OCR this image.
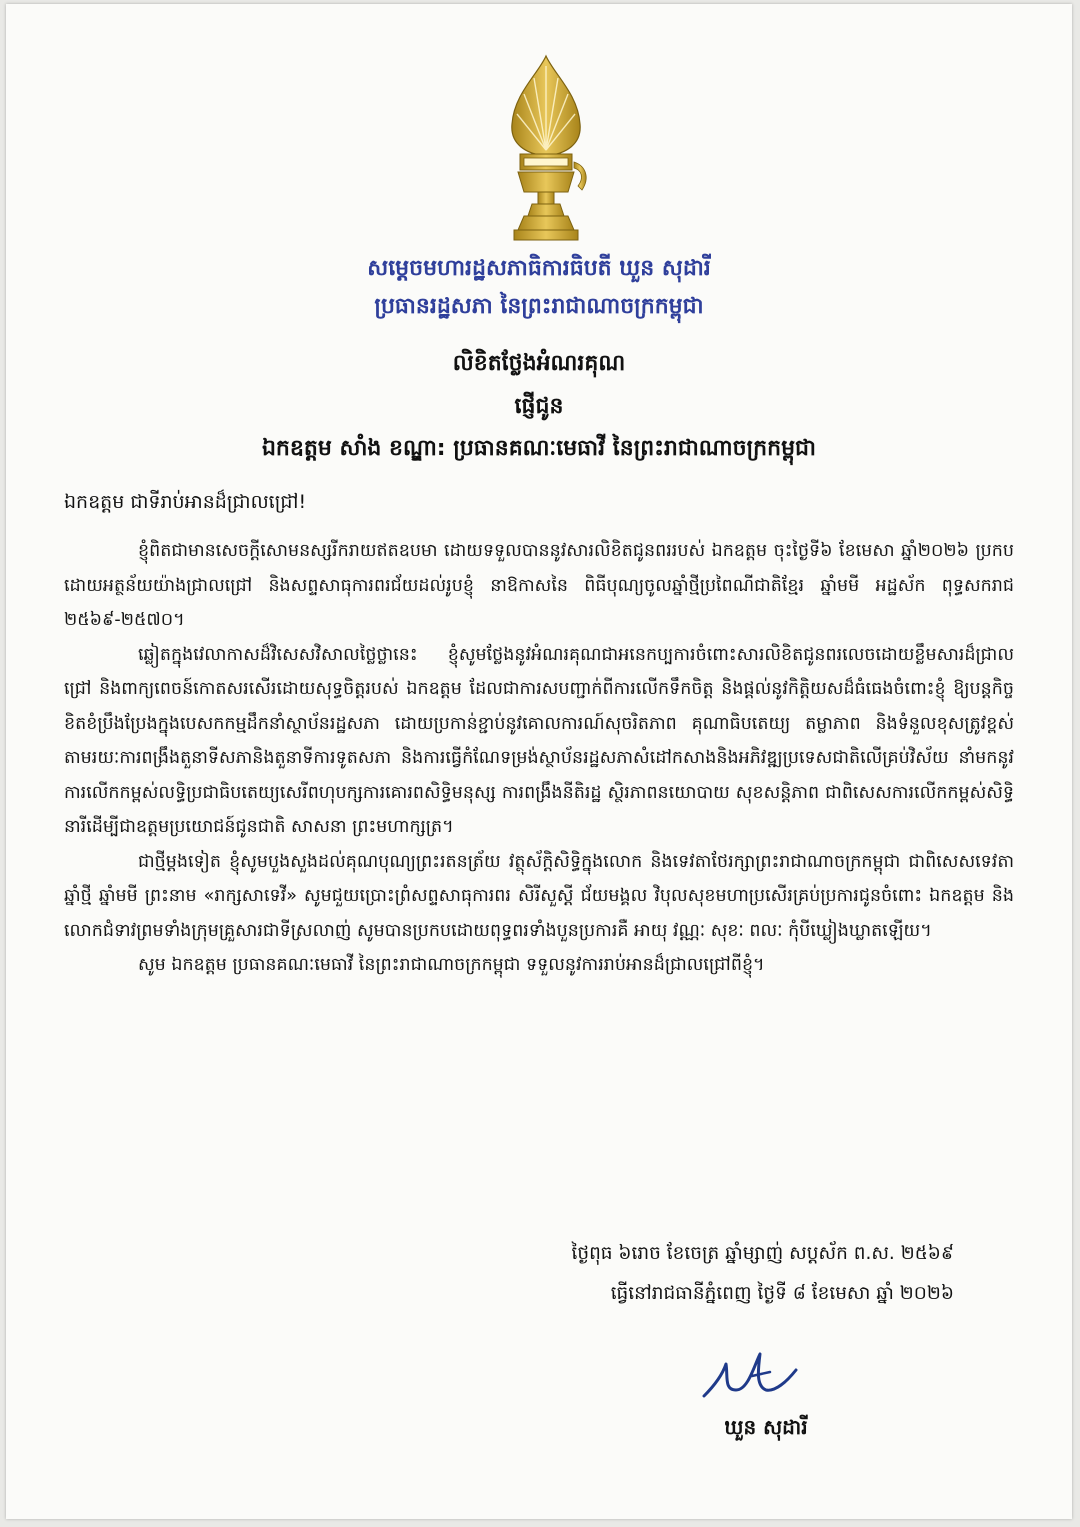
សម្ដេចមហារដ្ឋសភាធិការធិបតី ឃួន សុដារី
ប្រធានរដ្ឋសភា នៃព្រះរាជាណាចក្រកម្ពុជា
លិខិតថ្លែងអំណរគុណ
ផ្ញើជូន
ឯកឧត្តម សាំង ខណ្ឌា: ប្រធានគណៈមេធាវី នៃព្រះរាជាណាចក្រកម្ពុជា
ឯកឧត្តម ជាទីរាប់អានដ៏ជ្រាលជ្រៅ!

ខ្ញុំពិតជាមានសេចក្ដីសោមនស្សរីករាយឥតឧបមា ដោយទទួលបាននូវសារលិខិតជូនពររបស់ ឯកឧត្តម ចុះថ្ងៃទី៦ ខែមេសា ឆ្នាំ២០២៦ ប្រកបដោយអត្ថន័យយ៉ាងជ្រាលជ្រៅ និងសព្ទសាធុការពរជ័យដល់រូបខ្ញុំ នាឱកាសនៃ ពិធីបុណ្យចូលឆ្នាំថ្មីប្រពៃណីជាតិខ្មែរ ឆ្នាំមមី អដ្ឋស័ក ពុទ្ធសករាជ ២៥៦៩-២៥៧០។

ឆ្លៀតក្នុងវេលាកាសដ៏វិសេសវិសាលថ្លៃថ្លានេះ ខ្ញុំសូមថ្លែងនូវអំណរគុណជាអនេកប្បការចំពោះសារលិខិតជូនពរលេចដោយខ្លឹមសារដ៏ជ្រាលជ្រៅ និងពាក្យពេចន៍កោតសរសើរដោយសុទ្ធចិត្តរបស់ ឯកឧត្តម ដែលជាការសបញ្ជាក់ពីការលើកទឹកចិត្ត និងផ្ដល់នូវកិត្តិយសដ៏ធំធេងចំពោះខ្ញុំ ឱ្យបន្តកិច្ចខិតខំប្រឹងប្រែងក្នុងបេសកកម្មដឹកនាំស្ថាប័នរដ្ឋសភា ដោយប្រកាន់ខ្ជាប់នូវគោលការណ៍សុចរិតភាព គុណាធិបតេយ្យ តម្លាភាព និងទំនួលខុសត្រូវខ្ពស់ តាមរយៈការពង្រឹងតួនាទីសភានិងតួនាទីការទូតសភា និងការធ្វើកំណែទម្រង់ស្ថាប័នរដ្ឋសភាសំដៅកសាងនិងអភិវឌ្ឍប្រទេសជាតិលើគ្រប់វិស័យ នាំមកនូវការលើកកម្ពស់លទ្ធិប្រជាធិបតេយ្យសេរីពហុបក្សការគោរពសិទ្ធិមនុស្ស ការពង្រឹងនីតិរដ្ឋ ស្ថិរភាពនយោបាយ សុខសន្តិភាព ជាពិសេសការលើកកម្ពស់សិទ្ធិនារីដើម្បីជាឧត្តមប្រយោជន៍ជូនជាតិ សាសនា ព្រះមហាក្សត្រ។

ជាថ្មីម្ដងទៀត ខ្ញុំសូមបួងសួងដល់គុណបុណ្យព្រះរតនត្រ័យ វត្ថុស័ក្ដិសិទ្ធិក្នុងលោក និងទេវតាថែរក្សាព្រះរាជាណាចក្រកម្ពុជា ជាពិសេសទេវតាឆ្នាំថ្មី ឆ្នាំមមី ព្រះនាម «រាក្សសាទេវី» សូមជួយប្រោះព្រំសព្ទសាធុការពរ សិរីសួស្ដី ជ័យមង្គល វិបុលសុខមហាប្រសើរគ្រប់ប្រការជូនចំពោះ ឯកឧត្តម និងលោកជំទាវព្រមទាំងក្រុមគ្រួសារជាទីស្រលាញ់ សូមបានប្រកបដោយពុទ្ធពរទាំងបួនប្រការគឺ អាយុ វណ្ណៈ សុខៈ ពលៈ កុំបីឃ្លៀងឃ្លាតឡើយ។

សូម ឯកឧត្តម ប្រធានគណៈមេធាវី នៃព្រះរាជាណាចក្រកម្ពុជា ទទួលនូវការរាប់អានដ៏ជ្រាលជ្រៅពីខ្ញុំ។

ថ្ងៃពុធ ៦រោច ខែចេត្រ ឆ្នាំម្សាញ់ សប្តស័ក ព.ស. ២៥៦៩
ធ្វើនៅរាជធានីភ្នំពេញ ថ្ងៃទី ៨ ខែមេសា ឆ្នាំ ២០២៦
ឃួន សុដារី
